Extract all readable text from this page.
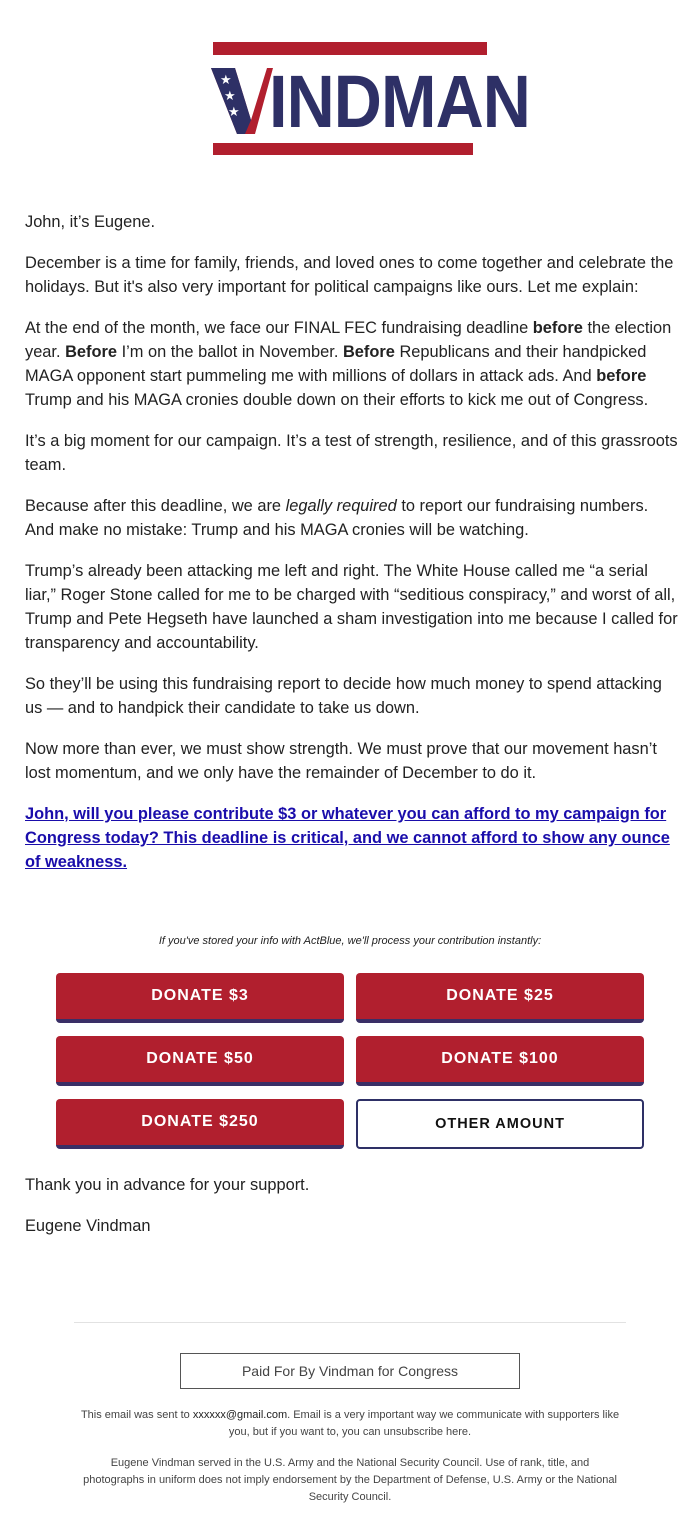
★
★
★ INDMAN

John, it’s Eugene.

December is a time for family, friends, and loved ones to come together and celebrate the holidays. But it's also very important for political campaigns like ours. Let me explain:

At the end of the month, we face our FINAL FEC fundraising deadline before the election year. Before I’m on the ballot in November. Before Republicans and their handpicked MAGA opponent start pummeling me with millions of dollars in attack ads. And before Trump and his MAGA cronies double down on their efforts to kick me out of Congress.

It’s a big moment for our campaign. It’s a test of strength, resilience, and of this grassroots team.

Because after this deadline, we are legally required to report our fundraising numbers. And make no mistake: Trump and his MAGA cronies will be watching.

Trump’s already been attacking me left and right. The White House called me “a serial liar,” Roger Stone called for me to be charged with “seditious conspiracy,” and worst of all, Trump and Pete Hegseth have launched a sham investigation into me because I called for transparency and accountability.

So they’ll be using this fundraising report to decide how much money to spend attacking us — and to handpick their candidate to take us down.

Now more than ever, we must show strength. We must prove that our movement hasn’t lost momentum, and we only have the remainder of December to do it.

John, will you please contribute $3 or whatever you can afford to my campaign for Congress today? This deadline is critical, and we cannot afford to show any ounce of weakness.

If you've stored your info with ActBlue, we'll process your contribution instantly:
DONATE $3	DONATE $25
DONATE $50	DONATE $100
DONATE $250	OTHER AMOUNT
Thank you in advance for your support.
Eugene Vindman
Paid For By Vindman for Congress
This email was sent to xxxxxx@gmail.com. Email is a very important way we communicate with supporters like you, but if you want to, you can unsubscribe here.
Eugene Vindman served in the U.S. Army and the National Security Council. Use of rank, title, and photographs in uniform does not imply endorsement by the Department of Defense, U.S. Army or the National Security Council.
